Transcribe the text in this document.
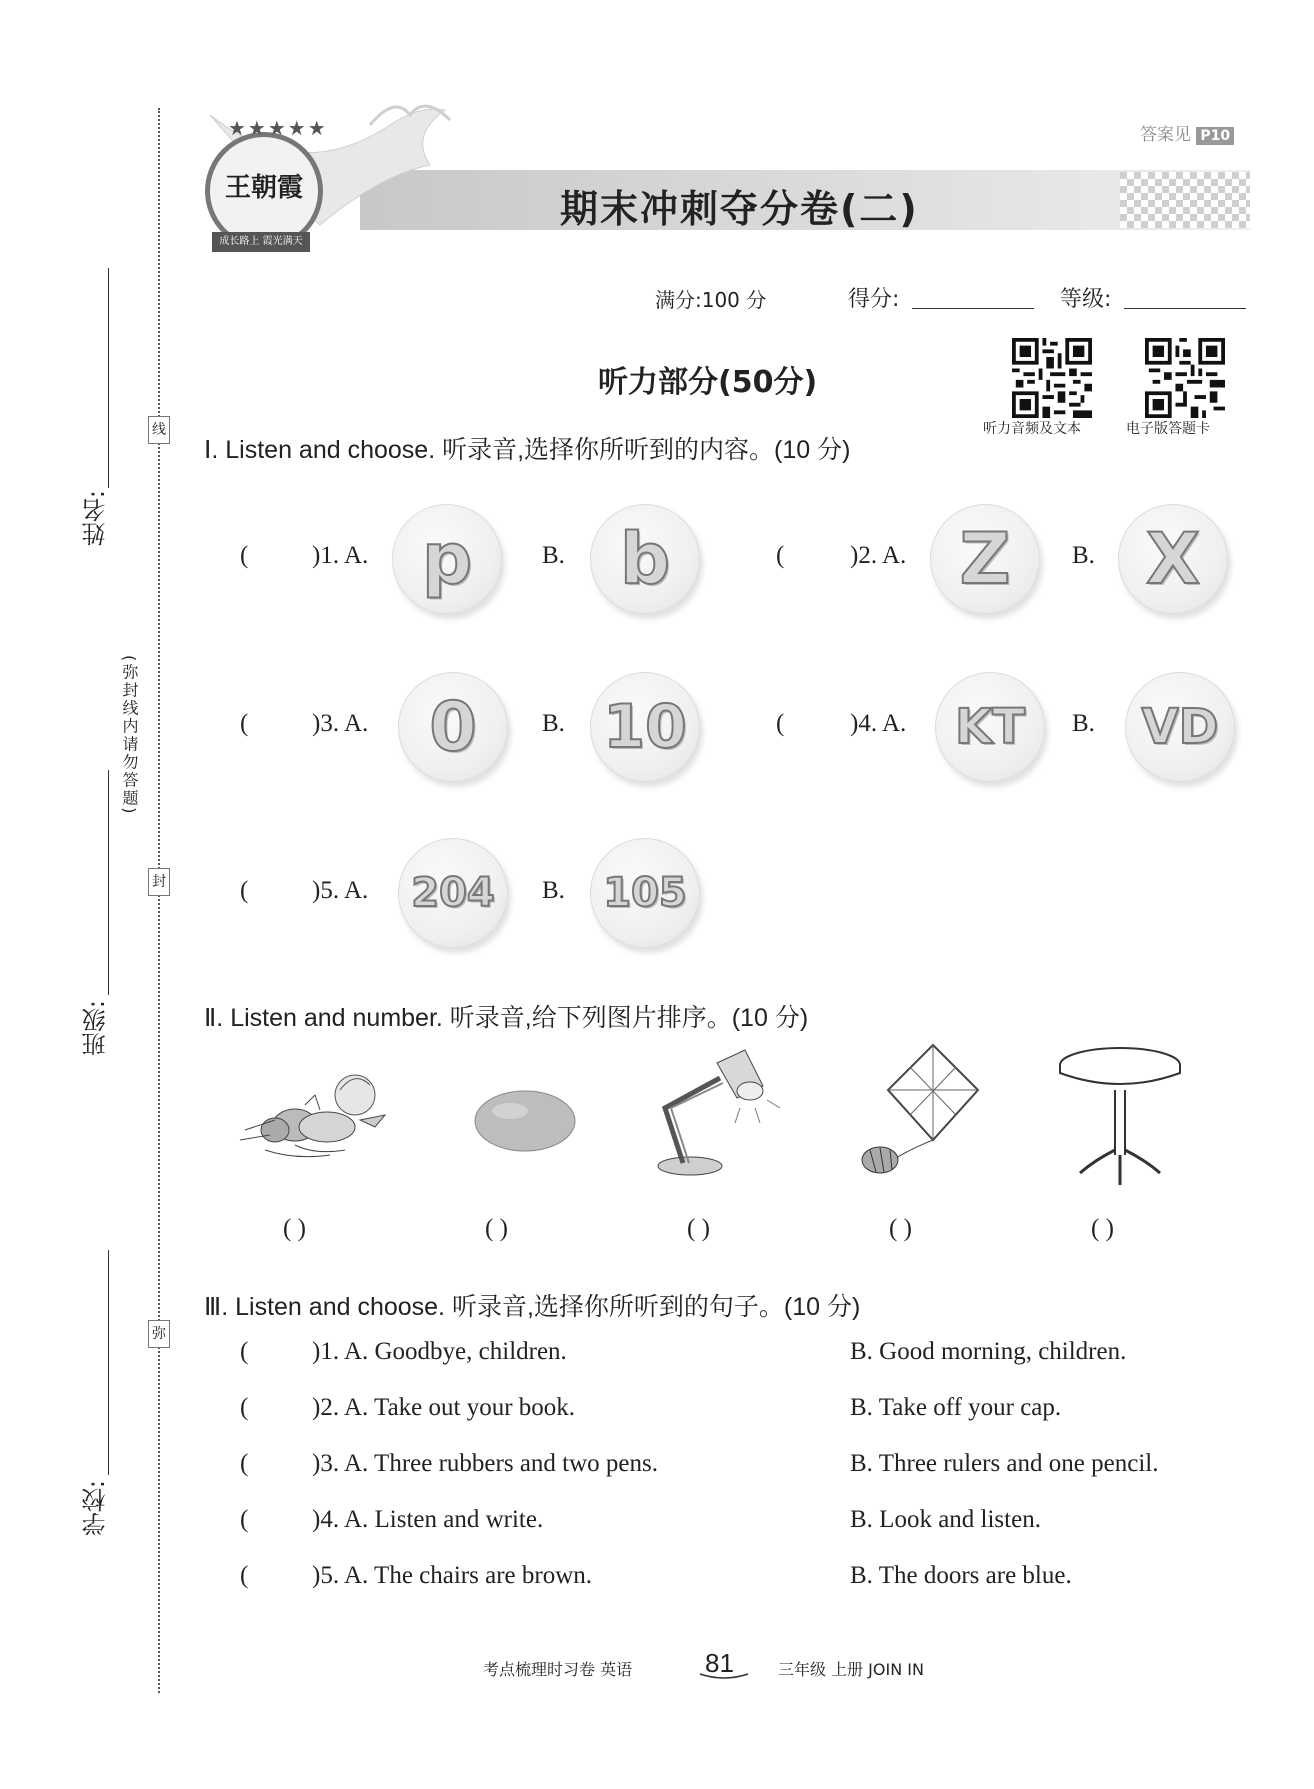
线
封
弥
姓名:
班级:
学校:
(弥封线内请勿答题)
答案见 P10
期末冲刺夺分卷(二)
王朝霞
★★★★★
成长路上 霞光满天
满分:100 分	得分:	等级:
听力部分(50分)
听力音频及文本	电子版答题卡
Ⅰ. Listen and choose. 听录音,选择你所听到的内容。(10 分)
(	)1. A. p	B. b	(	)2. A. Z	B. X
(	)3. A. 0	B. 10	(	)4. A.	KT	B. VD
(	)5. A.	204	B. 105
Ⅱ. Listen and number. 听录音,给下列图片排序。(10 分)
( )	( )	( )	( )	( )
Ⅲ. Listen and choose. 听录音,选择你所听到的句子。(10 分)
(	)1. A. Goodbye, children.	B. Good morning, children.
(	)2. A. Take out your book.	B. Take off your cap.
(	)3. A. Three rubbers and two pens.	B. Three rulers and one pencil.
(	)4. A. Listen and write.	B. Look and listen.
(	)5. A. The chairs are brown.	B. The doors are blue.
考点梳理时习卷 英语	81	三年级 上册 JOIN IN
